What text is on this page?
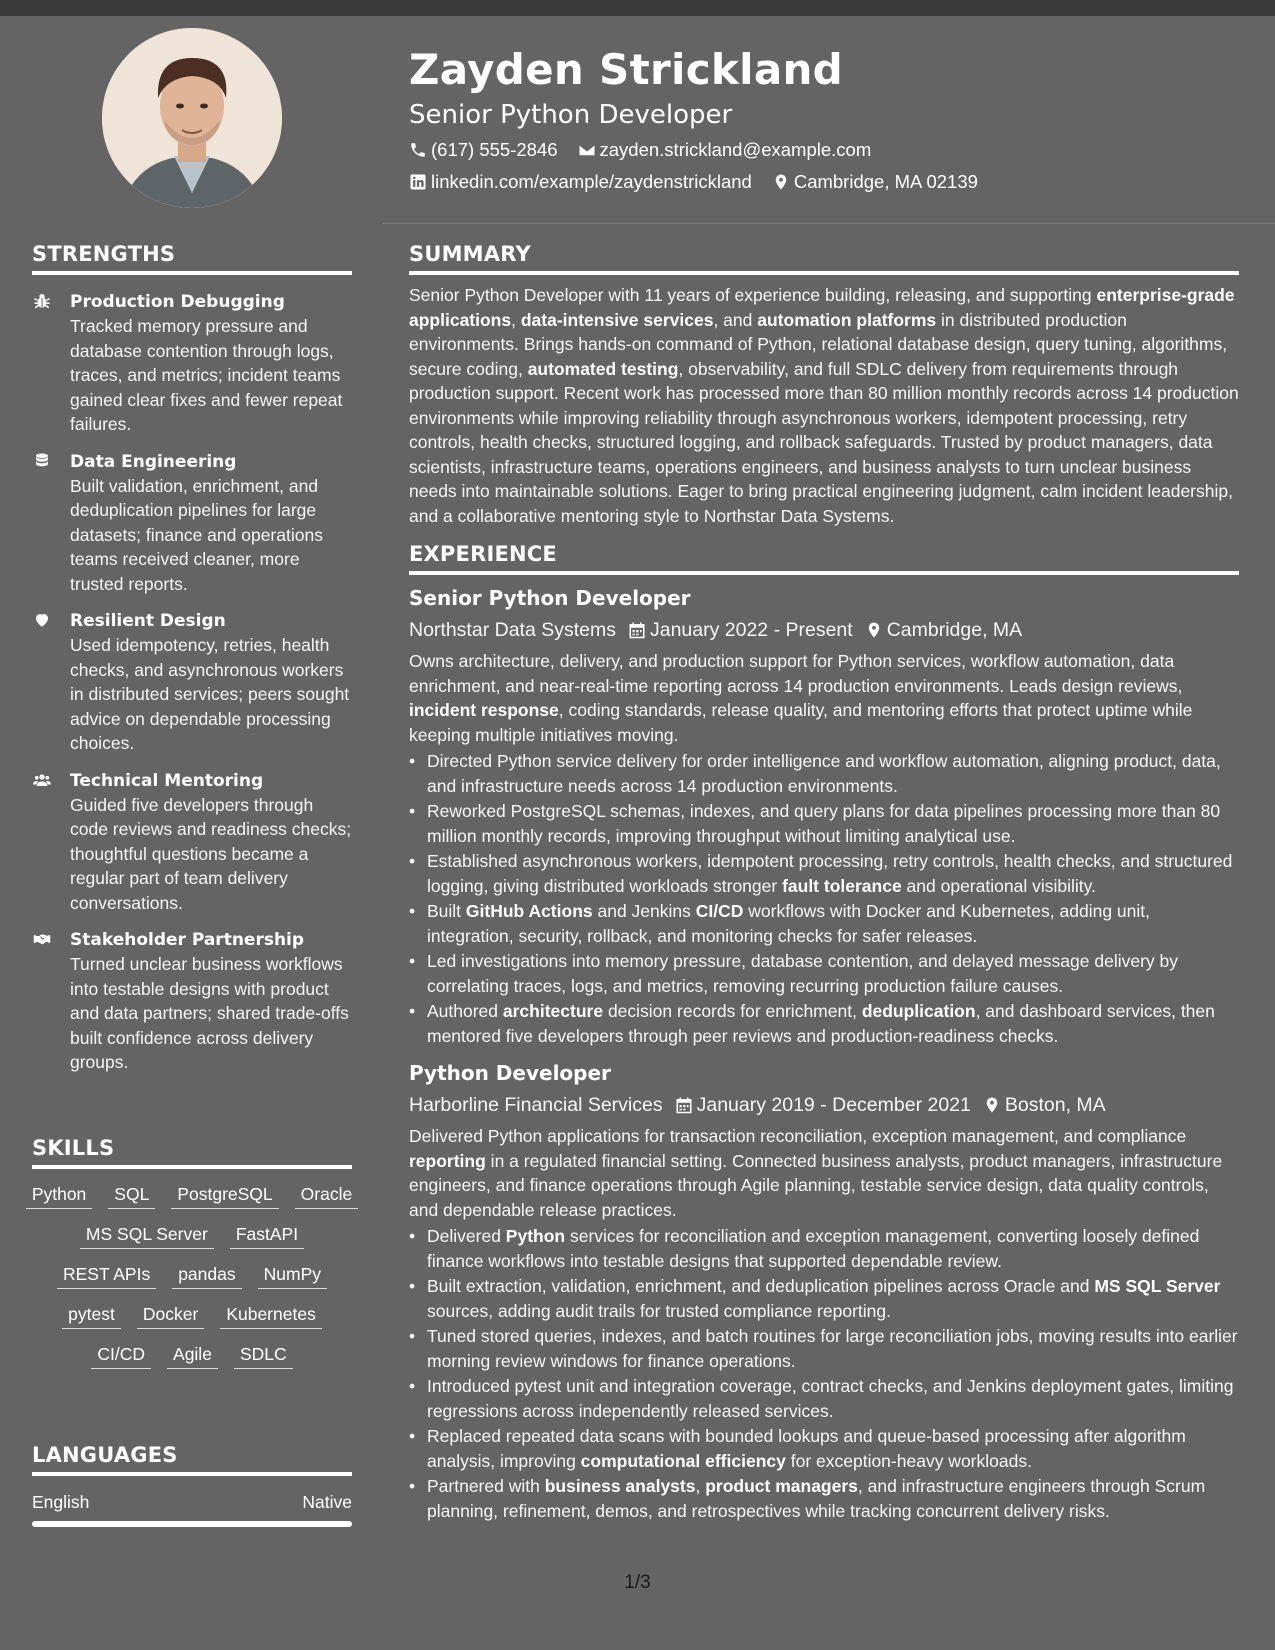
Zayden Strickland
Senior Python Developer
(617) 555-2846 zayden.strickland@example.com
linkedin.com/example/zaydenstrickland Cambridge, MA 02139
STRENGTHS
Production Debugging
Tracked memory pressure and database contention through logs, traces, and metrics; incident teams gained clear fixes and fewer repeat failures.
Data Engineering
Built validation, enrichment, and deduplication pipelines for large datasets; finance and operations teams received cleaner, more trusted reports.
Resilient Design
Used idempotency, retries, health checks, and asynchronous workers in distributed services; peers sought advice on dependable processing choices.
Technical Mentoring
Guided five developers through code reviews and readiness checks; thoughtful questions became a regular part of team delivery conversations.
Stakeholder Partnership
Turned unclear business workflows into testable designs with product and data partners; shared trade-offs built confidence across delivery groups.
SKILLS
Python	SQL	PostgreSQL	Oracle
MS SQL Server	FastAPI
REST APIs	pandas	NumPy
pytest	Docker	Kubernetes
CI/CD	Agile	SDLC
LANGUAGES
English	Native
SUMMARY
Senior Python Developer with 11 years of experience building, releasing, and supporting enterprise-grade applications, data-intensive services, and automation platforms in distributed production environments. Brings hands-on command of Python, relational database design, query tuning, algorithms, secure coding, automated testing, observability, and full SDLC delivery from requirements through production support. Recent work has processed more than 80 million monthly records across 14 production environments while improving reliability through asynchronous workers, idempotent processing, retry controls, health checks, structured logging, and rollback safeguards. Trusted by product managers, data scientists, infrastructure teams, operations engineers, and business analysts to turn unclear business needs into maintainable solutions. Eager to bring practical engineering judgment, calm incident leadership, and a collaborative mentoring style to Northstar Data Systems.
EXPERIENCE
Senior Python Developer
Northstar Data Systems	January 2022 - Present	Cambridge, MA
Owns architecture, delivery, and production support for Python services, workflow automation, data enrichment, and near-real-time reporting across 14 production environments. Leads design reviews, incident response, coding standards, release quality, and mentoring efforts that protect uptime while keeping multiple initiatives moving.
• Directed Python service delivery for order intelligence and workflow automation, aligning product, data, and infrastructure needs across 14 production environments.
• Reworked PostgreSQL schemas, indexes, and query plans for data pipelines processing more than 80 million monthly records, improving throughput without limiting analytical use.
• Established asynchronous workers, idempotent processing, retry controls, health checks, and structured logging, giving distributed workloads stronger fault tolerance and operational visibility.
• Built GitHub Actions and Jenkins CI/CD workflows with Docker and Kubernetes, adding unit, integration, security, rollback, and monitoring checks for safer releases.
• Led investigations into memory pressure, database contention, and delayed message delivery by correlating traces, logs, and metrics, removing recurring production failure causes.
• Authored architecture decision records for enrichment, deduplication, and dashboard services, then mentored five developers through peer reviews and production-readiness checks.
Python Developer
Harborline Financial Services	January 2019 - December 2021	Boston, MA
Delivered Python applications for transaction reconciliation, exception management, and compliance reporting in a regulated financial setting. Connected business analysts, product managers, infrastructure engineers, and finance operations through Agile planning, testable service design, data quality controls, and dependable release practices.
• Delivered Python services for reconciliation and exception management, converting loosely defined finance workflows into testable designs that supported dependable review.
• Built extraction, validation, enrichment, and deduplication pipelines across Oracle and MS SQL Server sources, adding audit trails for trusted compliance reporting.
• Tuned stored queries, indexes, and batch routines for large reconciliation jobs, moving results into earlier morning review windows for finance operations.
• Introduced pytest unit and integration coverage, contract checks, and Jenkins deployment gates, limiting regressions across independently released services.
• Replaced repeated data scans with bounded lookups and queue-based processing after algorithm analysis, improving computational efficiency for exception-heavy workloads.
• Partnered with business analysts, product managers, and infrastructure engineers through Scrum planning, refinement, demos, and retrospectives while tracking concurrent delivery risks.
1/3
